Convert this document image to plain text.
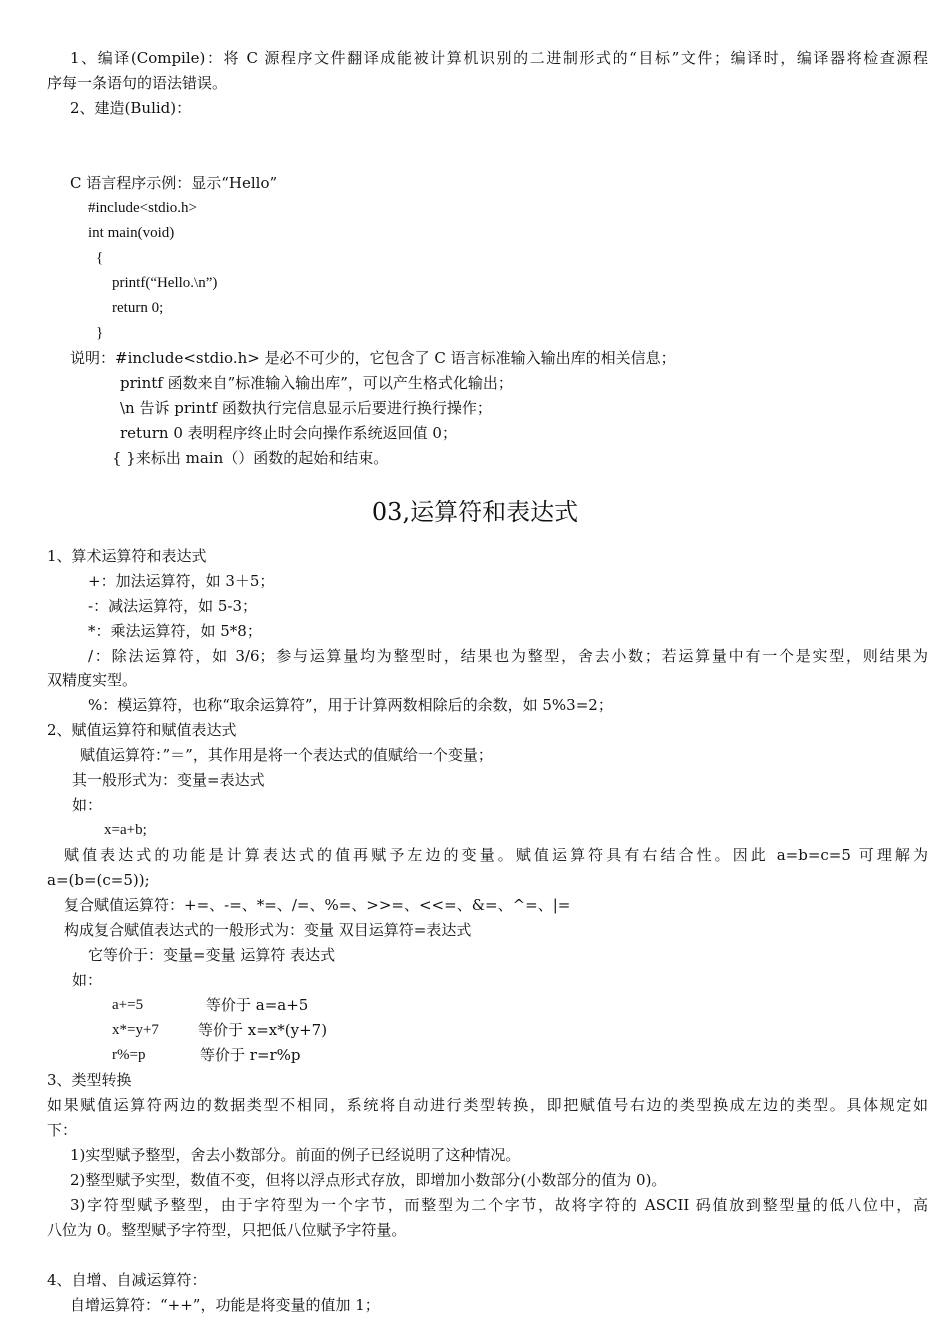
1、编译(Compile)：将 C 源程序文件翻译成能被计算机识别的二进制形式的“目标”文件；编译时，编译器将检查源程
序每一条语句的语法错误。
2、建造(Bulid)：
C 语言程序示例：显示“Hello”
#include<stdio.h>
int main(void)
{
printf(“Hello.\n”)
return 0;
}
说明：#include<stdio.h> 是必不可少的，它包含了 C 语言标准输入输出库的相关信息；
printf 函数来自”标准输入输出库”，可以产生格式化输出；
\n 告诉 printf 函数执行完信息显示后要进行换行操作；
return 0 表明程序终止时会向操作系统返回值 0；
{ }来标出 main（）函数的起始和结束。
03,运算符和表达式
1、算术运算符和表达式
+：加法运算符，如 3＋5；
-：减法运算符，如 5-3；
*：乘法运算符，如 5*8；
/：除法运算符，如 3/6；参与运算量均为整型时，结果也为整型，舍去小数；若运算量中有一个是实型，则结果为
双精度实型。
%：模运算符，也称“取余运算符”，用于计算两数相除后的余数，如 5%3=2；
2、赋值运算符和赋值表达式
赋值运算符：”＝”，其作用是将一个表达式的值赋给一个变量；
其一般形式为：变量=表达式
如：
x=a+b;
赋值表达式的功能是计算表达式的值再赋予左边的变量。赋值运算符具有右结合性。因此 a=b=c=5 可理解为
a=(b=(c=5));
复合赋值运算符：+=、-=、*=、/=、%=、>>=、<<=、&=、^=、|=
构成复合赋值表达式的一般形式为：变量 双目运算符=表达式
它等价于：变量=变量 运算符 表达式
如：
a+=5	等价于 a=a+5
x*=y+7	等价于 x=x*(y+7)
r%=p	等价于 r=r%p
3、类型转换
如果赋值运算符两边的数据类型不相同，系统将自动进行类型转换，即把赋值号右边的类型换成左边的类型。具体规定如
下：
1)实型赋予整型，舍去小数部分。前面的例子已经说明了这种情况。
2)整型赋予实型，数值不变，但将以浮点形式存放，即增加小数部分(小数部分的值为 0)。
3)字符型赋予整型，由于字符型为一个字节，而整型为二个字节，故将字符的 ASCII 码值放到整型量的低八位中，高
八位为 0。整型赋予字符型，只把低八位赋予字符量。
4、自增、自减运算符：
自增运算符：“++”，功能是将变量的值加 1；
